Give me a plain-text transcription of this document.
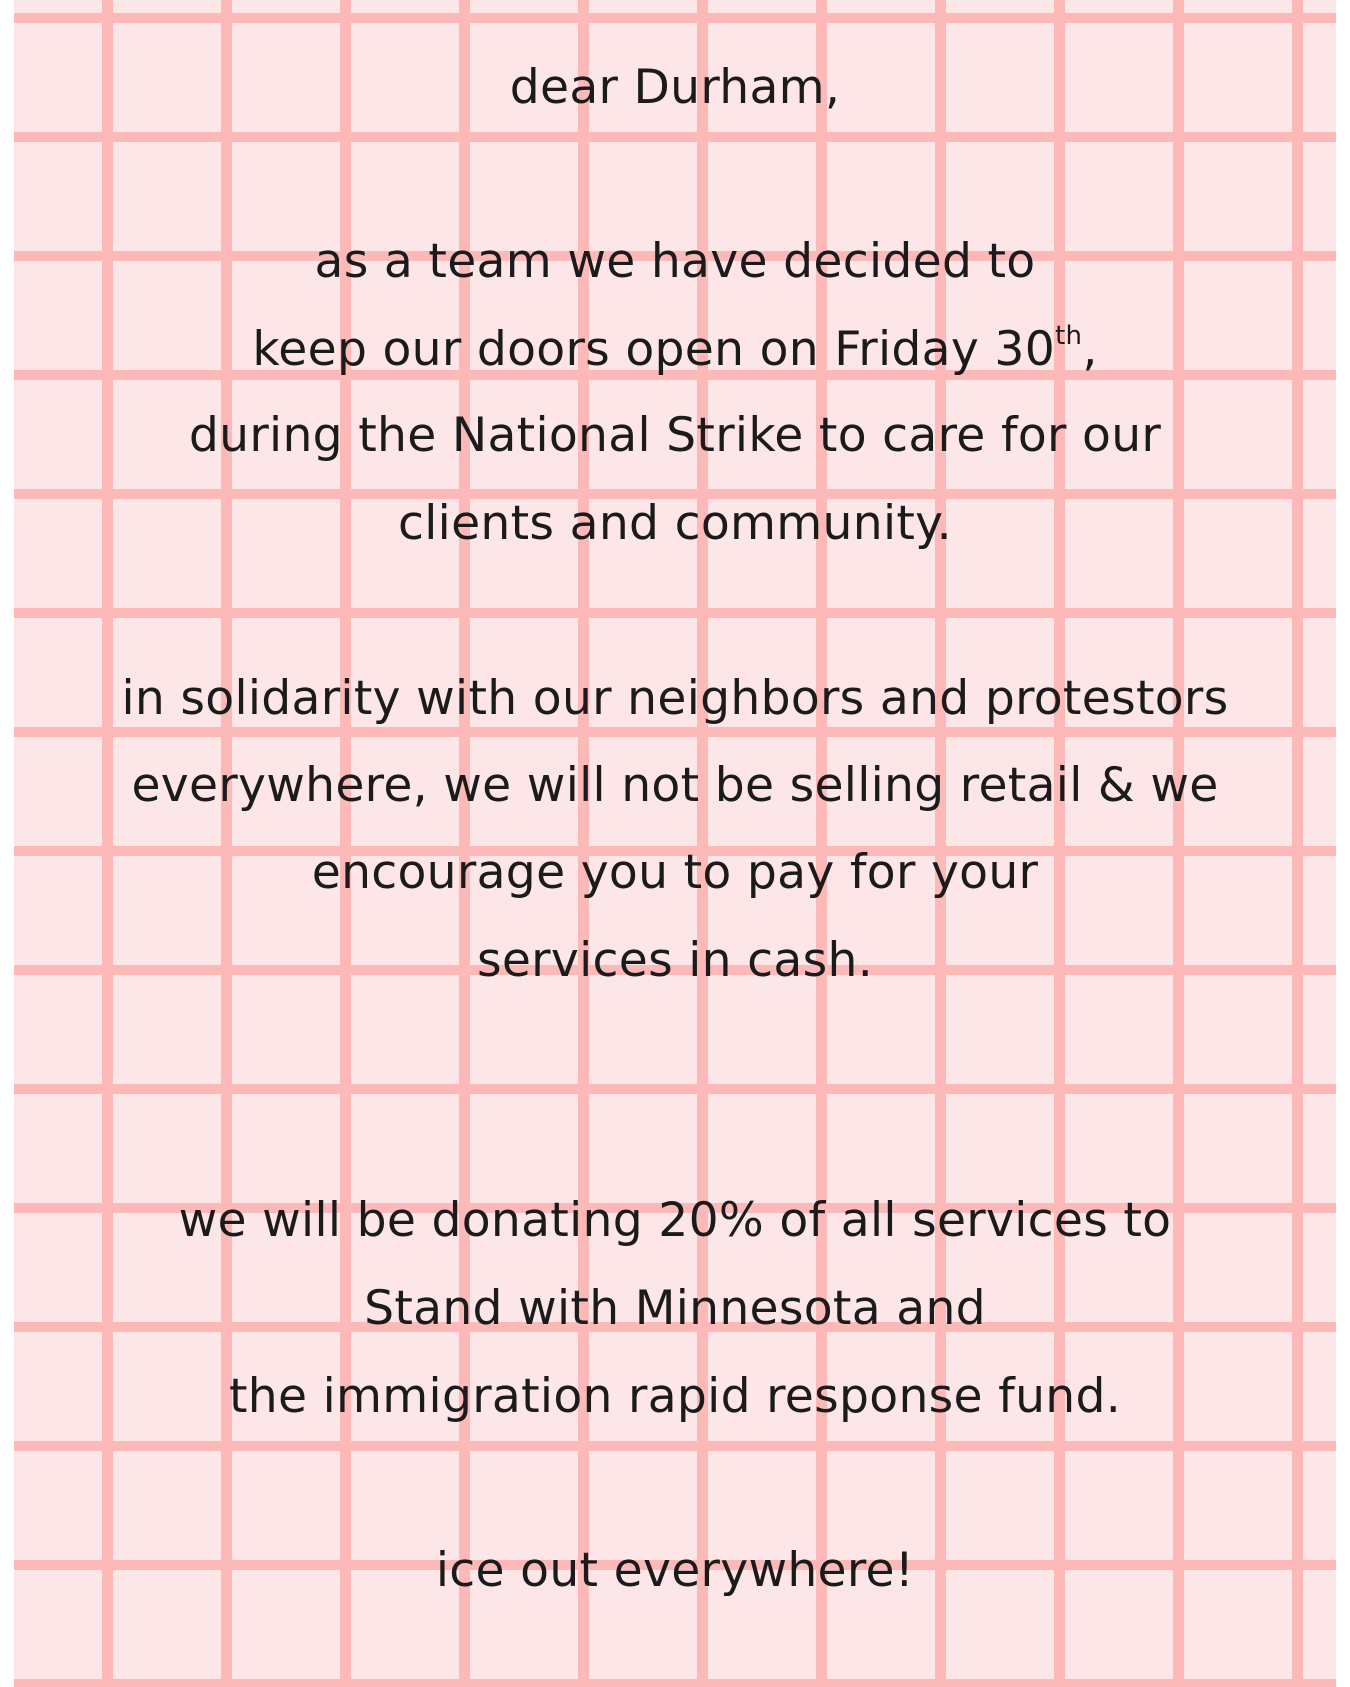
dear Durham,
as a team we have decided to
keep our doors open on Friday 30th,
during the National Strike to care for our
clients and community.
in solidarity with our neighbors and protestors
everywhere, we will not be selling retail & we
encourage you to pay for your
services in cash.
we will be donating 20% of all services to
Stand with Minnesota and
the immigration rapid response fund.
ice out everywhere!
